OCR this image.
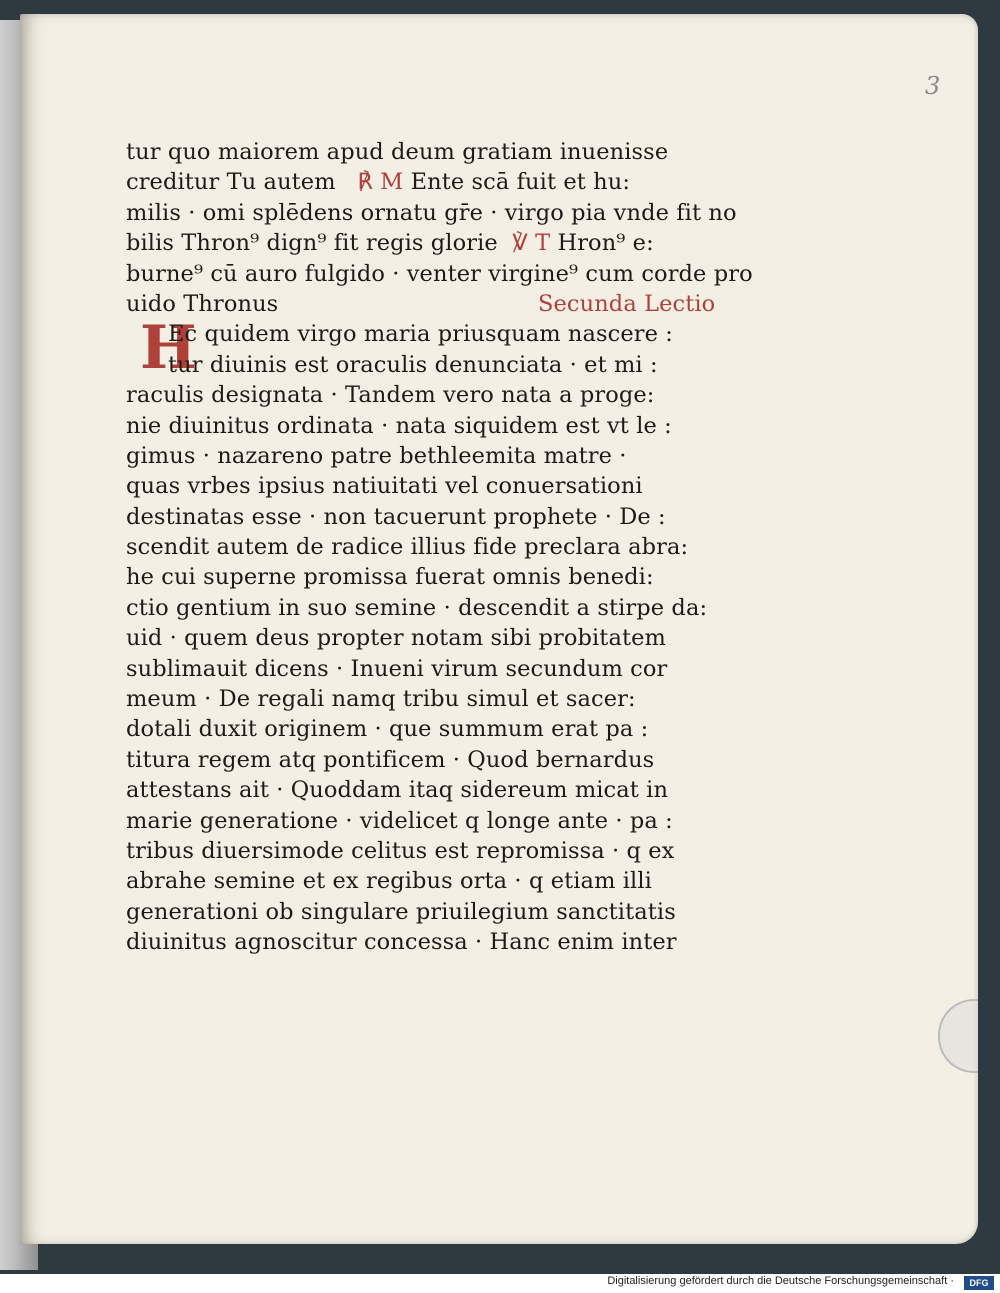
3

H
tur quo maiorem apud deum gratiam inuenisse
creditur Tu autem ℟ M Ente scā fuit et hu:
milis · omi splēdens ornatu gr̄e · virgo pia vnde fit no
bilis Thron⁹ dign⁹ fit regis glorie ℣ T Hron⁹ e:
burne⁹ cū auro fulgido · venter virgine⁹ cum corde pro
uido Thronus	Secunda Lectio
Ec quidem virgo maria priusquam nascere :
tur diuinis est oraculis denunciata · et mi :
raculis designata · Tandem vero nata a proge:
nie diuinitus ordinata · nata siquidem est vt le :
gimus · nazareno patre bethleemita matre ·
quas vrbes ipsius natiuitati vel conuersationi
destinatas esse · non tacuerunt prophete · De :
scendit autem de radice illius fide preclara abra:
he cui superne promissa fuerat omnis benedi:
ctio gentium in suo semine · descendit a stirpe da:
uid · quem deus propter notam sibi probitatem
sublimauit dicens · Inueni virum secundum cor
meum · De regali namq tribu simul et sacer:
dotali duxit originem · que summum erat pa :
titura regem atq pontificem · Quod bernardus
attestans ait · Quoddam itaq sidereum micat in
marie generatione · videlicet q longe ante · pa :
tribus diuersimode celitus est repromissa · q ex
abrahe semine et ex regibus orta · q etiam illi
generationi ob singulare priuilegium sanctitatis
diuinitus agnoscitur concessa · Hanc enim inter

Digitalisierung gefördert durch die Deutsche Forschungsgemeinschaft ·	DFG
